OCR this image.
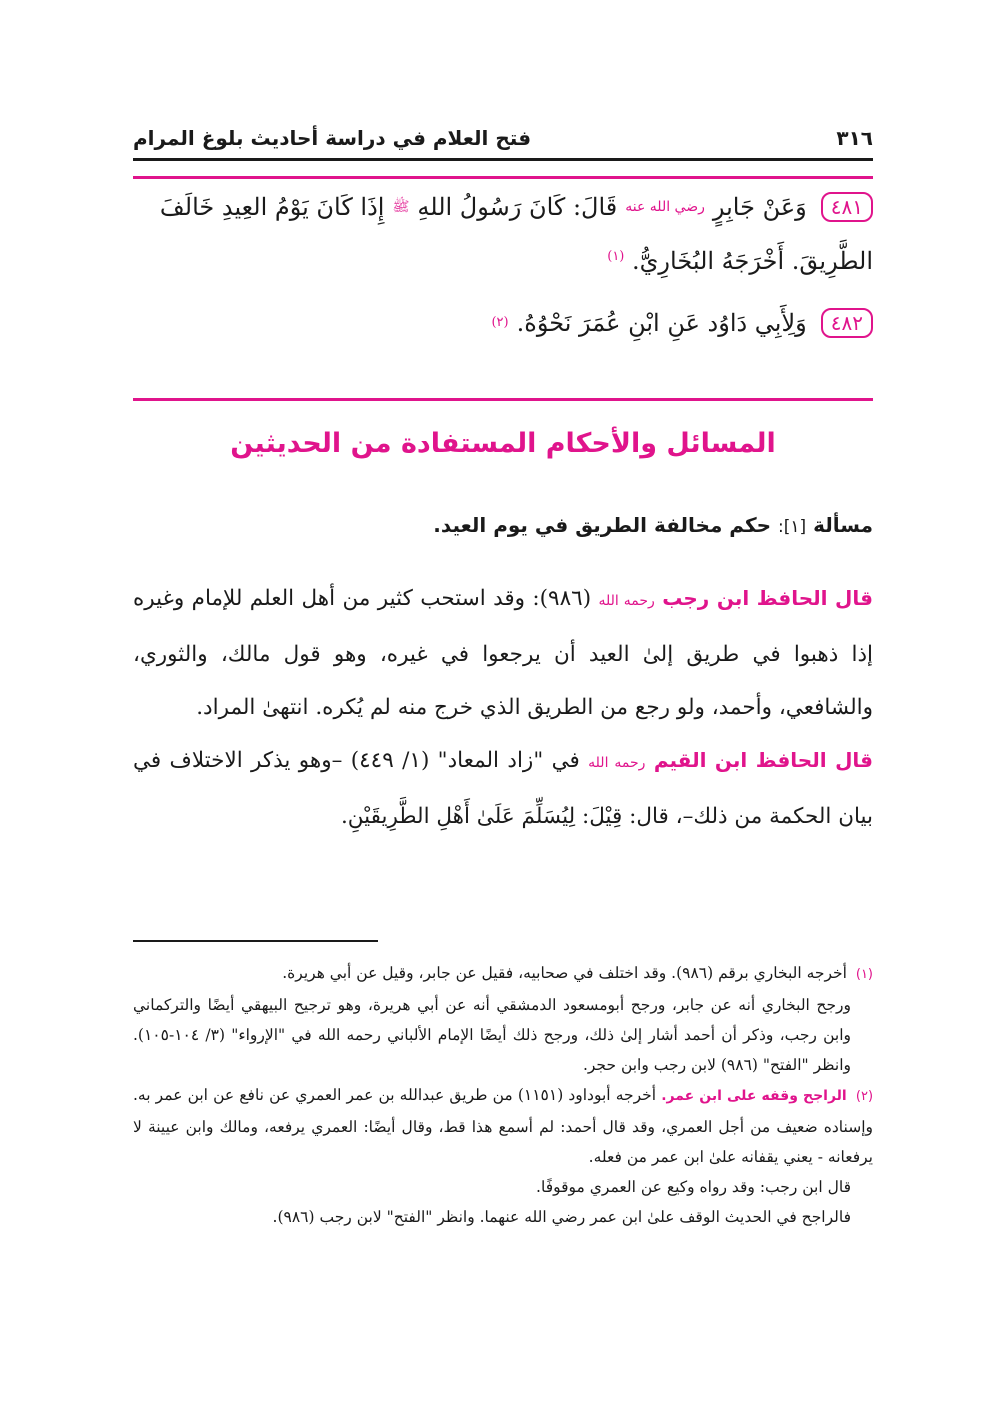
٣١٦
فتح العلام في دراسة أحاديث بلوغ المرام
٤٨١
وَعَنْ جَابِرٍ
رضي الله عنه
قَالَ: كَانَ رَسُولُ اللهِ
ﷺ
إِذَا كَانَ يَوْمُ العِيدِ خَالَفَ
الطَّرِيقَ. أَخْرَجَهُ البُخَارِيُّ. $^{(١)}$
٤٨٢
وَلِأَبِي دَاوُد عَنِ ابْنِ عُمَرَ نَحْوُهُ.
(٢)
المسائل والأحكام المستفادة من الحديثين
مسألة [١]: حكم مخالفة الطريق في يوم العيد.

قال الحافظ ابن رجب رحمه الله (٩٨٦): وقد استحب كثير من أهل العلم للإمام وغيره إذا ذهبوا في طريق إلىٰ العيد أن يرجعوا في غيره، وهو قول مالك، والثوري، والشافعي، وأحمد، ولو رجع من الطريق الذي خرج منه لم يُكره. انتهىٰ المراد.

قال الحافظ ابن القيم رحمه الله في "زاد المعاد" (١/ ٤٤٩) –وهو يذكر الاختلاف في بيان الحكمة من ذلك–، قال: قِيْلَ: لِيُسَلِّمَ عَلَىٰ أَهْلِ الطَّرِيقَيْنِ.

(١) أخرجه البخاري برقم (٩٨٦). وقد اختلف في صحابيه، فقيل عن جابر، وقيل عن أبي هريرة.

ورجح البخاري أنه عن جابر، ورجح أبومسعود الدمشقي أنه عن أبي هريرة، وهو ترجيح البيهقي أيضًا والتركماني وابن رجب، وذكر أن أحمد أشار إلىٰ ذلك، ورجح ذلك أيضًا الإمام الألباني رحمه الله في "الإرواء" (٣/ ١٠٤-١٠٥). وانظر "الفتح" (٩٨٦) لابن رجب وابن حجر.

(٢) الراجح وقفه على ابن عمر. أخرجه أبوداود (١١٥١) من طريق عبدالله بن عمر العمري عن نافع عن ابن عمر به. وإسناده ضعيف من أجل العمري، وقد قال أحمد: لم أسمع هذا قط، وقال أيضًا: العمري يرفعه، ومالك وابن عيينة لا يرفعانه - يعني يقفانه علىٰ ابن عمر من فعله.

قال ابن رجب: وقد رواه وكيع عن العمري موقوفًا.

فالراجح في الحديث الوقف علىٰ ابن عمر رضي الله عنهما. وانظر "الفتح" لابن رجب (٩٨٦).
